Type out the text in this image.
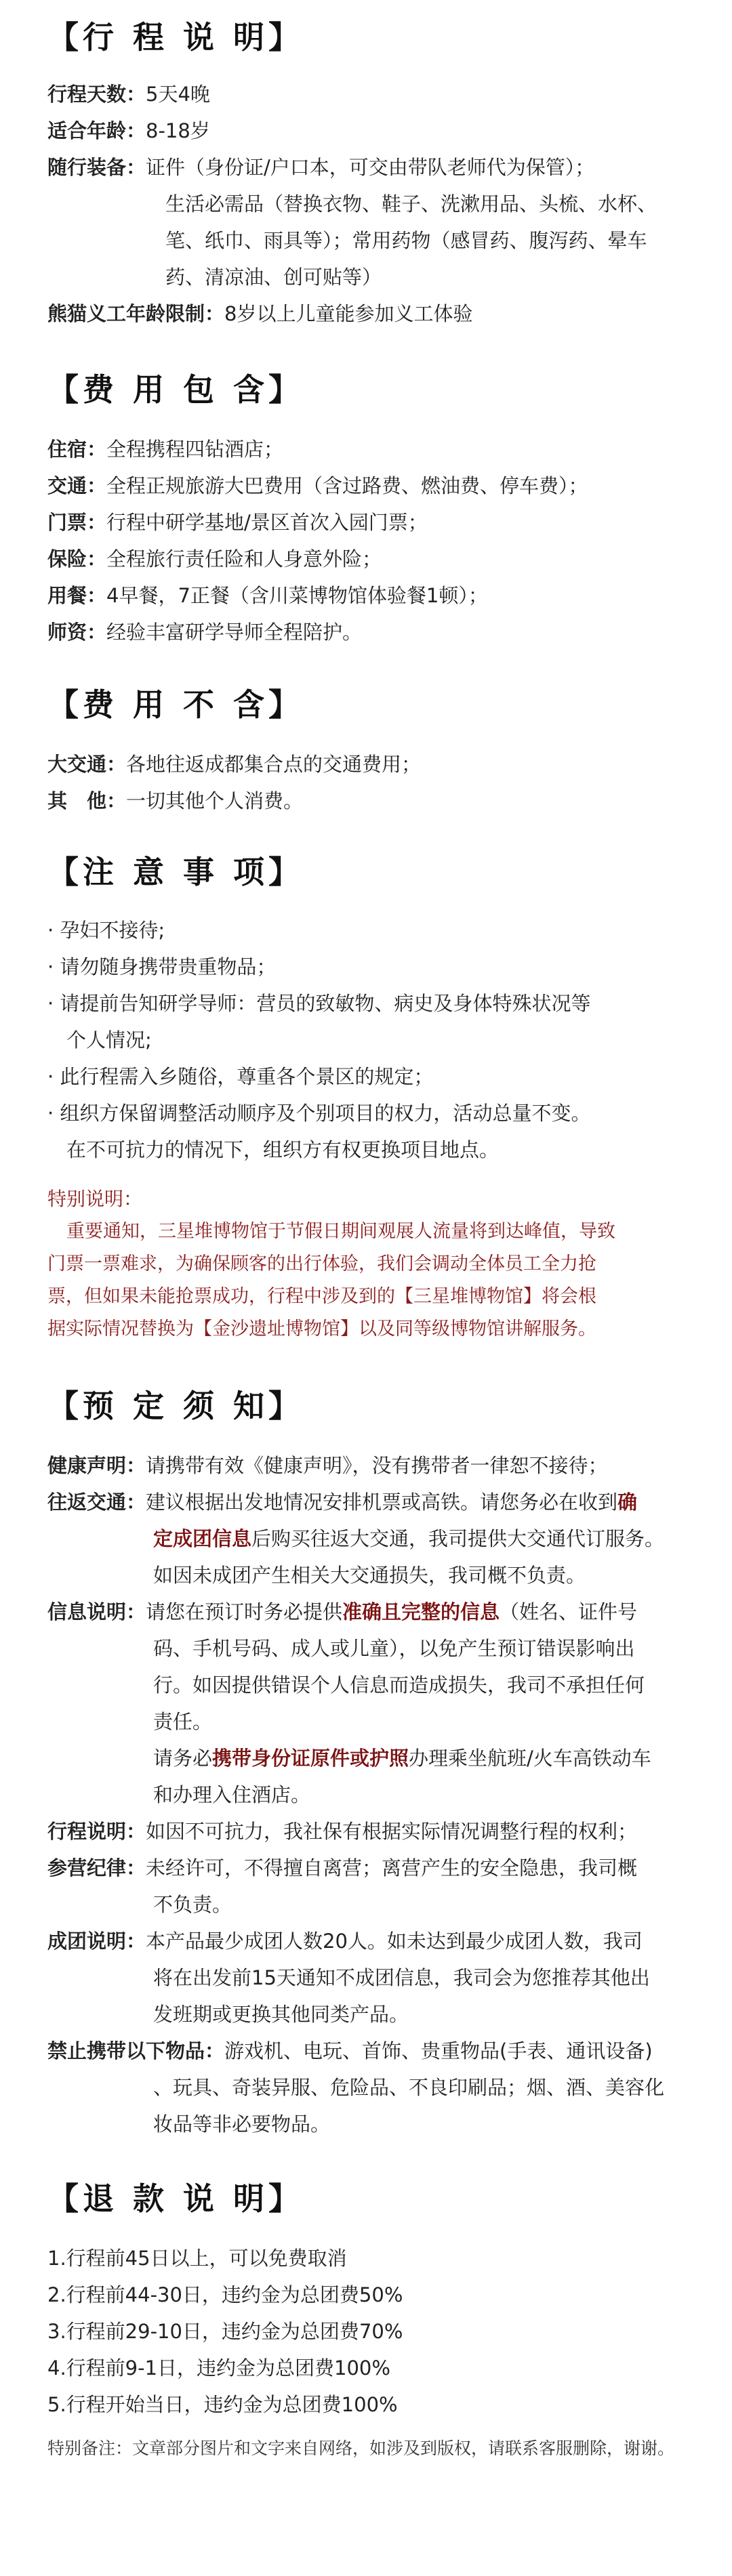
【行 程 说 明】
行程天数： 5天4晚
适合年龄： 8-18岁
随行装备： 证件（身份证/户口本，可交由带队老师代为保管）；
生活必需品（替换衣物、鞋子、洗漱用品、头梳、水杯、
笔、纸巾、雨具等）；常用药物（感冒药、腹泻药、晕车
药、清凉油、创可贴等）
熊猫义工年龄限制： 8岁以上儿童能参加义工体验
【费 用 包 含】
住宿： 全程携程四钻酒店；
交通： 全程正规旅游大巴费用（含过路费、燃油费、停车费）；
门票： 行程中研学基地/景区首次入园门票；
保险： 全程旅行责任险和人身意外险；
用餐： 4早餐，7正餐（含川菜博物馆体验餐1顿）；
师资： 经验丰富研学导师全程陪护。
【费 用 不 含】
大交通： 各地往返成都集合点的交通费用；
其　他： 一切其他个人消费。
【注 意 事 项】
· 孕妇不接待;
· 请勿随身携带贵重物品；
· 请提前告知研学导师：营员的致敏物、病史及身体特殊状况等
个人情况;
· 此行程需入乡随俗，尊重各个景区的规定；
· 组织方保留调整活动顺序及个别项目的权力，活动总量不变。
在不可抗力的情况下，组织方有权更换项目地点。
特别说明：
重要通知，三星堆博物馆于节假日期间观展人流量将到达峰值，导致
门票一票难求，为确保顾客的出行体验，我们会调动全体员工全力抢
票，但如果未能抢票成功，行程中涉及到的【三星堆博物馆】将会根
据实际情况替换为【金沙遗址博物馆】以及同等级博物馆讲解服务。
【预 定 须 知】
健康声明： 请携带有效《健康声明》，没有携带者一律恕不接待；
往返交通： 建议根据出发地情况安排机票或高铁。请您务必在收到确
定成团信息后购买往返大交通，我司提供大交通代订服务。
如因未成团产生相关大交通损失，我司概不负责。
信息说明： 请您在预订时务必提供准确且完整的信息（姓名、证件号
码、手机号码、成人或儿童），以免产生预订错误影响出
行。如因提供错误个人信息而造成损失，我司不承担任何
责任。
请务必携带身份证原件或护照办理乘坐航班/火车高铁动车
和办理入住酒店。
行程说明： 如因不可抗力，我社保有根据实际情况调整行程的权利；
参营纪律： 未经许可，不得擅自离营；离营产生的安全隐患，我司概
不负责。
成团说明： 本产品最少成团人数20人。如未达到最少成团人数，我司
将在出发前15天通知不成团信息，我司会为您推荐其他出
发班期或更换其他同类产品。
禁止携带以下物品： 游戏机、电玩、首饰、贵重物品(手表、通讯设备)
、玩具、奇装异服、危险品、不良印刷品；烟、酒、美容化
妆品等非必要物品。
【退 款 说 明】
1.行程前45日以上，可以免费取消
2.行程前44-30日，违约金为总团费50%
3.行程前29-10日，违约金为总团费70%
4.行程前9-1日，违约金为总团费100%
5.行程开始当日，违约金为总团费100%
特别备注：文章部分图片和文字来自网络，如涉及到版权，请联系客服删除，谢谢。
